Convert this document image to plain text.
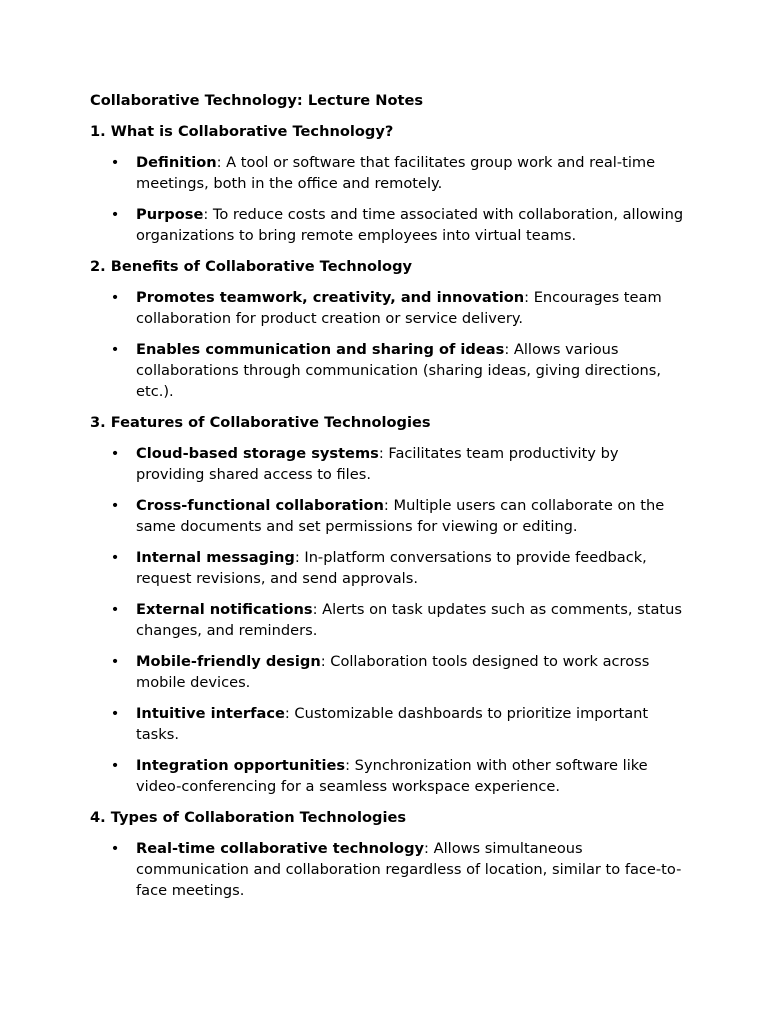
Collaborative Technology: Lecture Notes
1. What is Collaborative Technology?
• Definition: A tool or software that facilitates group work and real-time meetings, both in the office and remotely.
• Purpose: To reduce costs and time associated with collaboration, allowing organizations to bring remote employees into virtual teams.
2. Benefits of Collaborative Technology
• Promotes teamwork, creativity, and innovation: Encourages team collaboration for product creation or service delivery.
• Enables communication and sharing of ideas: Allows various collaborations through communication (sharing ideas, giving directions, etc.).
3. Features of Collaborative Technologies
• Cloud-based storage systems: Facilitates team productivity by providing shared access to files.
• Cross-functional collaboration: Multiple users can collaborate on the same documents and set permissions for viewing or editing.
• Internal messaging: In-platform conversations to provide feedback, request revisions, and send approvals.
• External notifications: Alerts on task updates such as comments, status changes, and reminders.
• Mobile-friendly design: Collaboration tools designed to work across mobile devices.
• Intuitive interface: Customizable dashboards to prioritize important tasks.
• Integration opportunities: Synchronization with other software like video-conferencing for a seamless workspace experience.
4. Types of Collaboration Technologies
• Real-time collaborative technology: Allows simultaneous communication and collaboration regardless of location, similar to face-to-face meetings.
